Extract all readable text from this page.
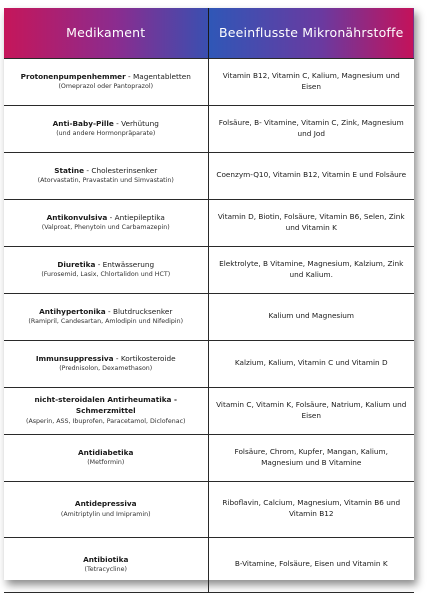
Medikament	Beeinflusste Mikronährstoffe

Protonenpumpenhemmer - Magentabletten
(Omeprazol oder Pantoprazol)	Vitamin B12, Vitamin C, Kalium, Magnesium und Eisen

Anti-Baby-Pille - Verhütung
(und andere Hormonpräparate)	Folsäure, B- Vitamine, Vitamin C, Zink, Magnesium und Jod

Statine - Cholesterinsenker
(Atorvastatin, Pravastatin und Simvastatin)	Coenzym-Q10, Vitamin B12, Vitamin E und Folsäure

Antikonvulsiva - Antiepileptika
(Valproat, Phenytoin und Carbamazepin)	Vitamin D, Biotin, Folsäure, Vitamin B6, Selen, Zink und Vitamin K

Diuretika - Entwässerung
(Furosemid, Lasix, Chlortalidon und HCT)	Elektrolyte, B Vitamine, Magnesium, Kalzium, Zink und Kalium.

Antihypertonika - Blutdrucksenker
(Ramipril, Candesartan, Amlodipin und Nifedipin)	Kalium und Magnesium

Immunsuppressiva - Kortikosteroide
(Prednisolon, Dexamethason)	Kalzium, Kalium, Vitamin C und Vitamin D

nicht-steroidalen Antirheumatika - Schmerzmittel
(Asperin, ASS, Ibuprofen, Paracetamol, Diclofenac)	Vitamin C, Vitamin K, Folsäure, Natrium, Kalium und Eisen

Antidiabetika
(Metformin)	Folsäure, Chrom, Kupfer, Mangan, Kalium, Magnesium und B Vitamine

Antidepressiva
(Amitriptylin und Imipramin)	Riboflavin, Calcium, Magnesium, Vitamin B6 und Vitamin B12

Antibiotika
(Tetracycline)	B-Vitamine, Folsäure, Eisen und Vitamin K
